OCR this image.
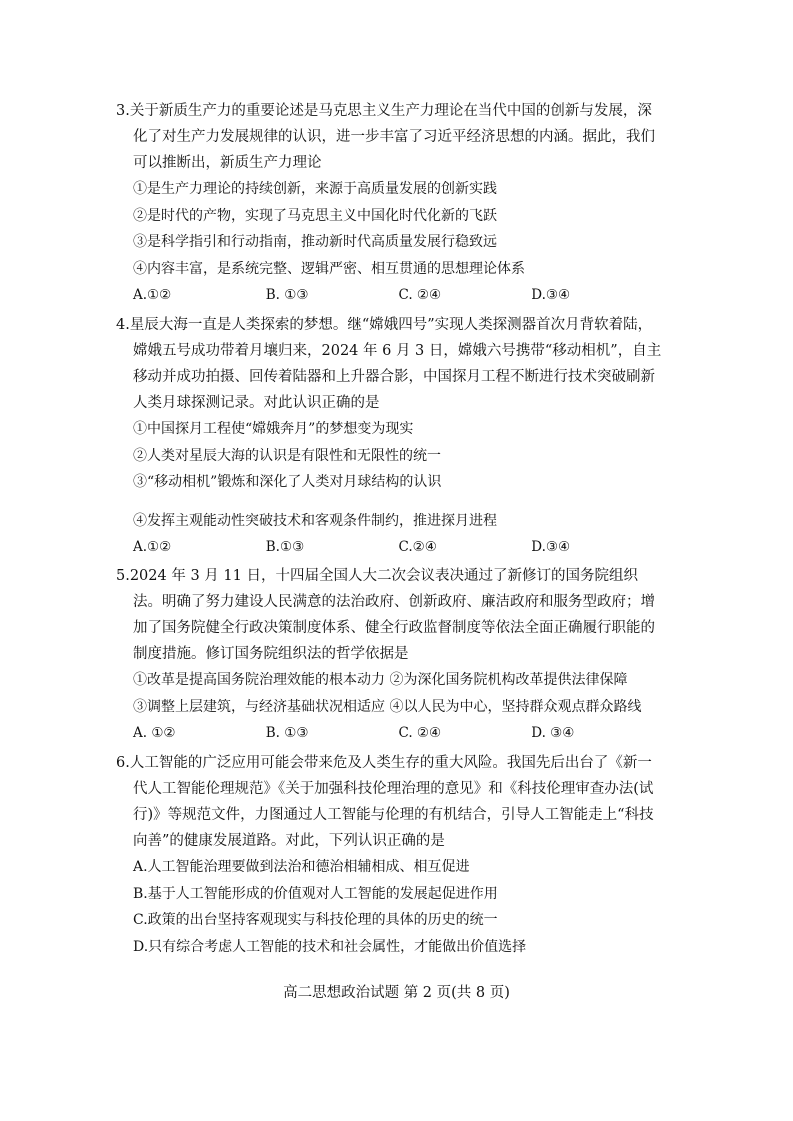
3.关于新质生产力的重要论述是马克思主义生产力理论在当代中国的创新与发展，深化了对生产力发展规律的认识，进一步丰富了习近平经济思想的内涵。据此，我们可以推断出，新质生产力理论

①是生产力理论的持续创新，来源于高质量发展的创新实践

②是时代的产物，实现了马克思主义中国化时代化新的飞跃

③是科学指引和行动指南，推动新时代高质量发展行稳致远

④内容丰富，是系统完整、逻辑严密、相互贯通的思想理论体系

A.①②	B. ①③	C. ②④	D.③④

4.星辰大海一直是人类探索的梦想。继“嫦娥四号”实现人类探测器首次月背软着陆，嫦娥五号成功带着月壤归来，2024 年 6 月 3 日，嫦娥六号携带“移动相机”，自主移动并成功拍摄、回传着陆器和上升器合影，中国探月工程不断进行技术突破刷新人类月球探测记录。对此认识正确的是

①中国探月工程使“嫦娥奔月”的梦想变为现实

②人类对星辰大海的认识是有限性和无限性的统一

③“移动相机”锻炼和深化了人类对月球结构的认识

④发挥主观能动性突破技术和客观条件制约，推进探月进程

A.①②	B.①③	C.②④	D.③④

5.2024 年 3 月 11 日，十四届全国人大二次会议表决通过了新修订的国务院组织法。明确了努力建设人民满意的法治政府、创新政府、廉洁政府和服务型政府；增加了国务院健全行政决策制度体系、健全行政监督制度等依法全面正确履行职能的制度措施。修订国务院组织法的哲学依据是

①改革是提高国务院治理效能的根本动力 ②为深化国务院机构改革提供法律保障

③调整上层建筑，与经济基础状况相适应 ④以人民为中心，坚持群众观点群众路线

A. ①②	B. ①③	C. ②④	D. ③④

6.人工智能的广泛应用可能会带来危及人类生存的重大风险。我国先后出台了《新一代人工智能伦理规范》《关于加强科技伦理治理的意见》和《科技伦理审查办法(试行)》等规范文件，力图通过人工智能与伦理的有机结合，引导人工智能走上“科技向善”的健康发展道路。对此，下列认识正确的是

A.人工智能治理要做到法治和德治相辅相成、相互促进

B.基于人工智能形成的价值观对人工智能的发展起促进作用

C.政策的出台坚持客观现实与科技伦理的具体的历史的统一

D.只有综合考虑人工智能的技术和社会属性，才能做出价值选择

高二思想政治试题 第 2 页(共 8 页)
